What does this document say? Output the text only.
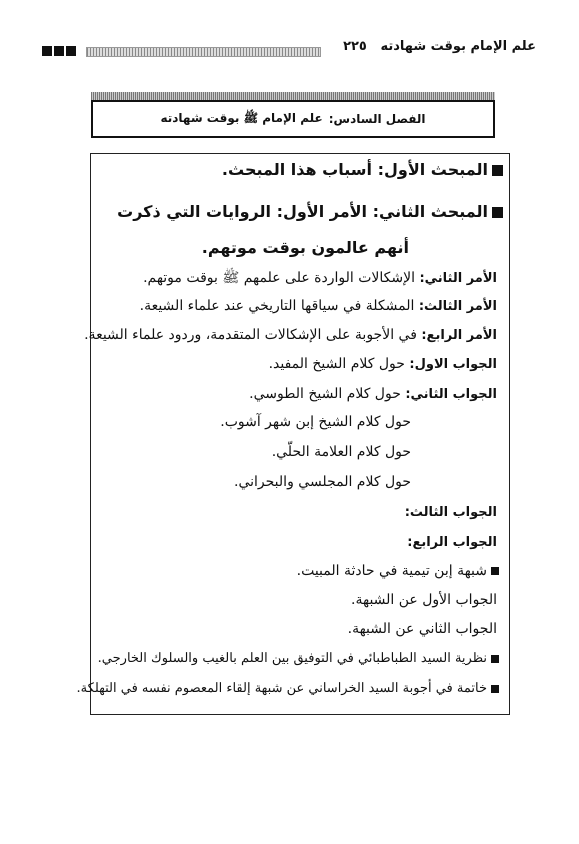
علم الإمام بوقت شهادته   ٢٢٥
الفصل السادس:
علم الإمام ﷺ بوقت شهادته
المبحث الأول: أسباب هذا المبحث.
المبحث الثاني: الأمر الأول: الروايات التي ذكرت
أنهم عالمون بوقت موتهم.
الأمر الثاني: الإشكالات الواردة على علمهم ﷺ بوقت موتهم.
الأمر الثالث: المشكلة في سياقها التاريخي عند علماء الشيعة.
الأمر الرابع: في الأجوبة على الإشكالات المتقدمة، وردود علماء الشيعة.
الجواب الاول: حول كلام الشيخ المفيد.
الجواب الثاني: حول كلام الشيخ الطوسي.
حول كلام الشيخ إبن شهر آشوب.
حول كلام العلامة الحلّي.
حول كلام المجلسي والبحراني.
الجواب الثالث:
الجواب الرابع:
شبهة إبن تيمية في حادثة المبيت.
الجواب الأول عن الشبهة.
الجواب الثاني عن الشبهة.
نظرية السيد الطباطبائي في التوفيق بين العلم بالغيب والسلوك الخارجي.
خاتمة في أجوبة السيد الخراساني عن شبهة إلقاء المعصوم نفسه في التهلكة.
